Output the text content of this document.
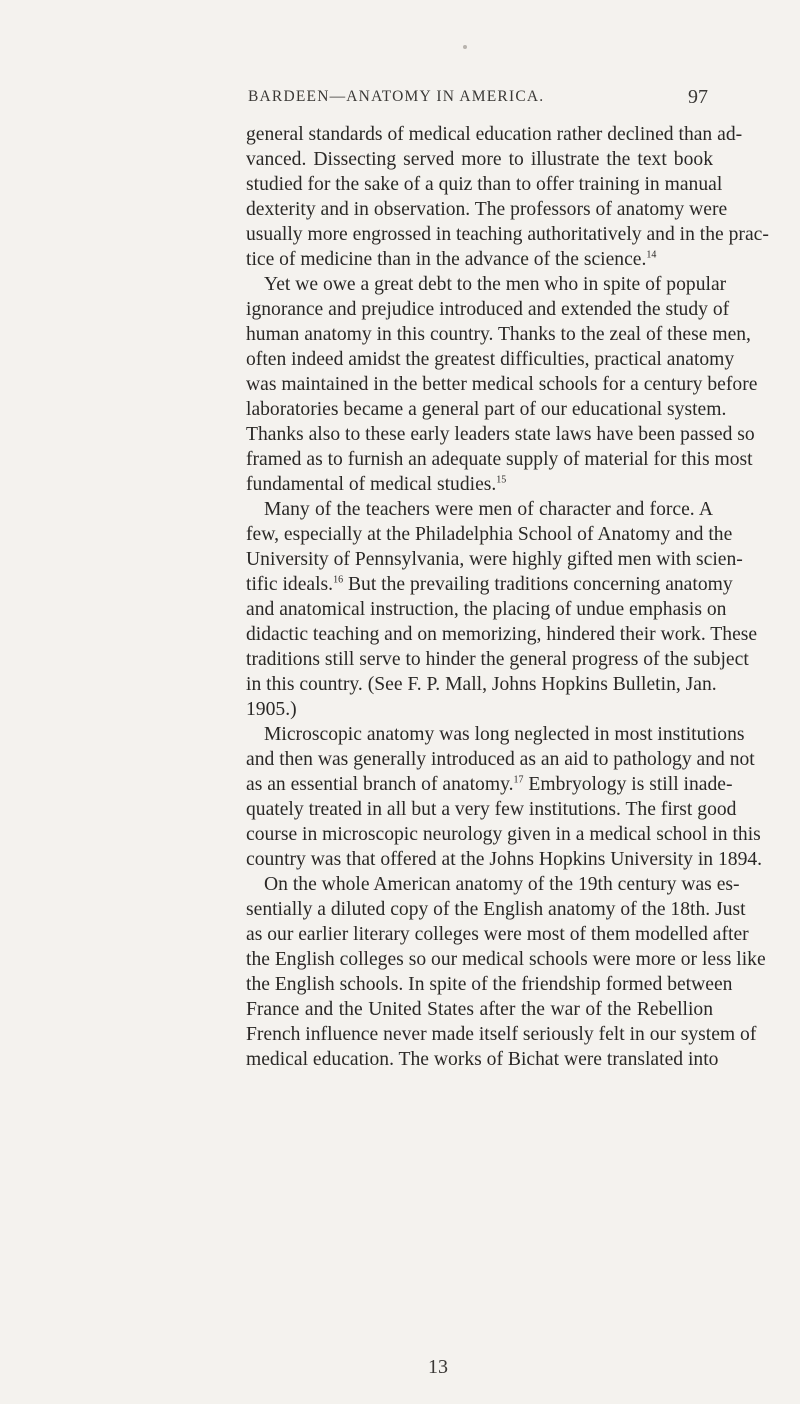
BARDEEN—ANATOMY IN AMERICA.	97
general standards of medical education rather declined than ad-
vanced. Dissecting served more to illustrate the text book
studied for the sake of a quiz than to offer training in manual
dexterity and in observation. The professors of anatomy were
usually more engrossed in teaching authoritatively and in the prac-
tice of medicine than in the advance of the science.$^{14}$
Yet we owe a great debt to the men who in spite of popular
ignorance and prejudice introduced and extended the study of
human anatomy in this country. Thanks to the zeal of these men,
often indeed amidst the greatest difficulties, practical anatomy
was maintained in the better medical schools for a century before
laboratories became a general part of our educational system.
Thanks also to these early leaders state laws have been passed so
framed as to furnish an adequate supply of material for this most
fundamental of medical studies.$^{15}$
Many of the teachers were men of character and force. A
few, especially at the Philadelphia School of Anatomy and the
University of Pennsylvania, were highly gifted men with scien-
tific ideals.$^{16}$ But the prevailing traditions concerning anatomy
and anatomical instruction, the placing of undue emphasis on
didactic teaching and on memorizing, hindered their work. These
traditions still serve to hinder the general progress of the subject
in this country. (See F. P. Mall, Johns Hopkins Bulletin, Jan.
1905.)
Microscopic anatomy was long neglected in most institutions
and then was generally introduced as an aid to pathology and not
as an essential branch of anatomy.$^{17}$ Embryology is still inade-
quately treated in all but a very few institutions. The first good
course in microscopic neurology given in a medical school in this
country was that offered at the Johns Hopkins University in 1894.
On the whole American anatomy of the 19th century was es-
sentially a diluted copy of the English anatomy of the 18th. Just
as our earlier literary colleges were most of them modelled after
the English colleges so our medical schools were more or less like
the English schools. In spite of the friendship formed between
France and the United States after the war of the Rebellion
French influence never made itself seriously felt in our system of
medical education. The works of Bichat were translated into
13
